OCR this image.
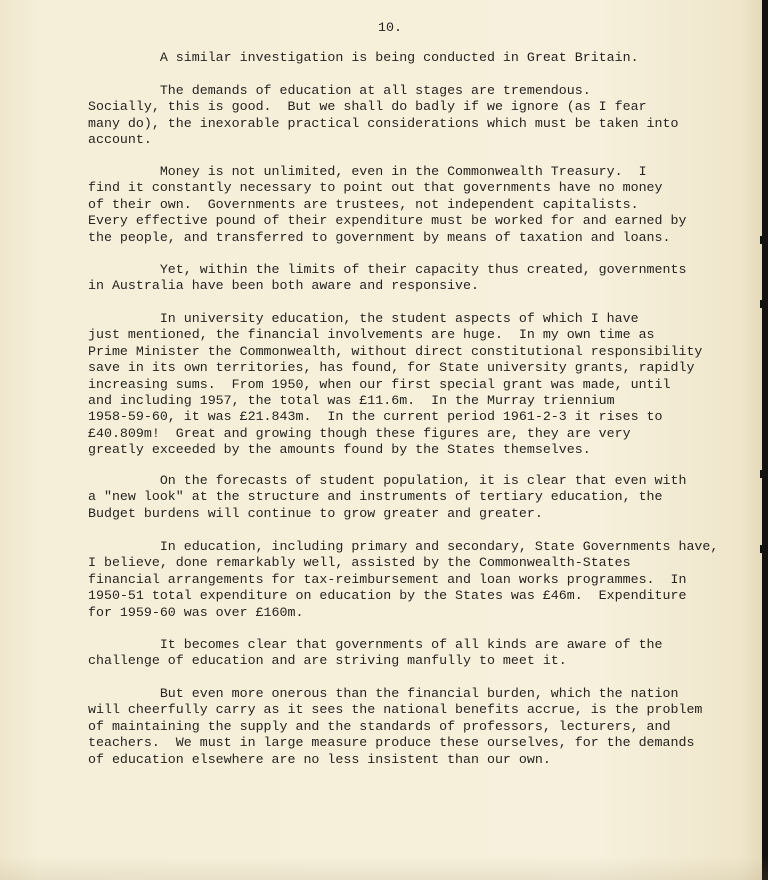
10.
A similar investigation is being conducted in Great Britain.
The demands of education at all stages are tremendous.
Socially, this is good.  But we shall do badly if we ignore (as I fear
many do), the inexorable practical considerations which must be taken into
account.
Money is not unlimited, even in the Commonwealth Treasury.  I
find it constantly necessary to point out that governments have no money
of their own.  Governments are trustees, not independent capitalists.
Every effective pound of their expenditure must be worked for and earned by
the people, and transferred to government by means of taxation and loans.
Yet, within the limits of their capacity thus created, governments
in Australia have been both aware and responsive.
In university education, the student aspects of which I have
just mentioned, the financial involvements are huge.  In my own time as
Prime Minister the Commonwealth, without direct constitutional responsibility
save in its own territories, has found, for State university grants, rapidly
increasing sums.  From 1950, when our first special grant was made, until
and including 1957, the total was £11.6m.  In the Murray triennium
1958-59-60, it was £21.843m.  In the current period 1961-2-3 it rises to
£40.809m!  Great and growing though these figures are, they are very
greatly exceeded by the amounts found by the States themselves.
On the forecasts of student population, it is clear that even with
a "new look" at the structure and instruments of tertiary education, the
Budget burdens will continue to grow greater and greater.
In education, including primary and secondary, State Governments have,
I believe, done remarkably well, assisted by the Commonwealth-States
financial arrangements for tax-reimbursement and loan works programmes.  In
1950-51 total expenditure on education by the States was £46m.  Expenditure
for 1959-60 was over £160m.
It becomes clear that governments of all kinds are aware of the
challenge of education and are striving manfully to meet it.
But even more onerous than the financial burden, which the nation
will cheerfully carry as it sees the national benefits accrue, is the problem
of maintaining the supply and the standards of professors, lecturers, and
teachers.  We must in large measure produce these ourselves, for the demands
of education elsewhere are no less insistent than our own.
